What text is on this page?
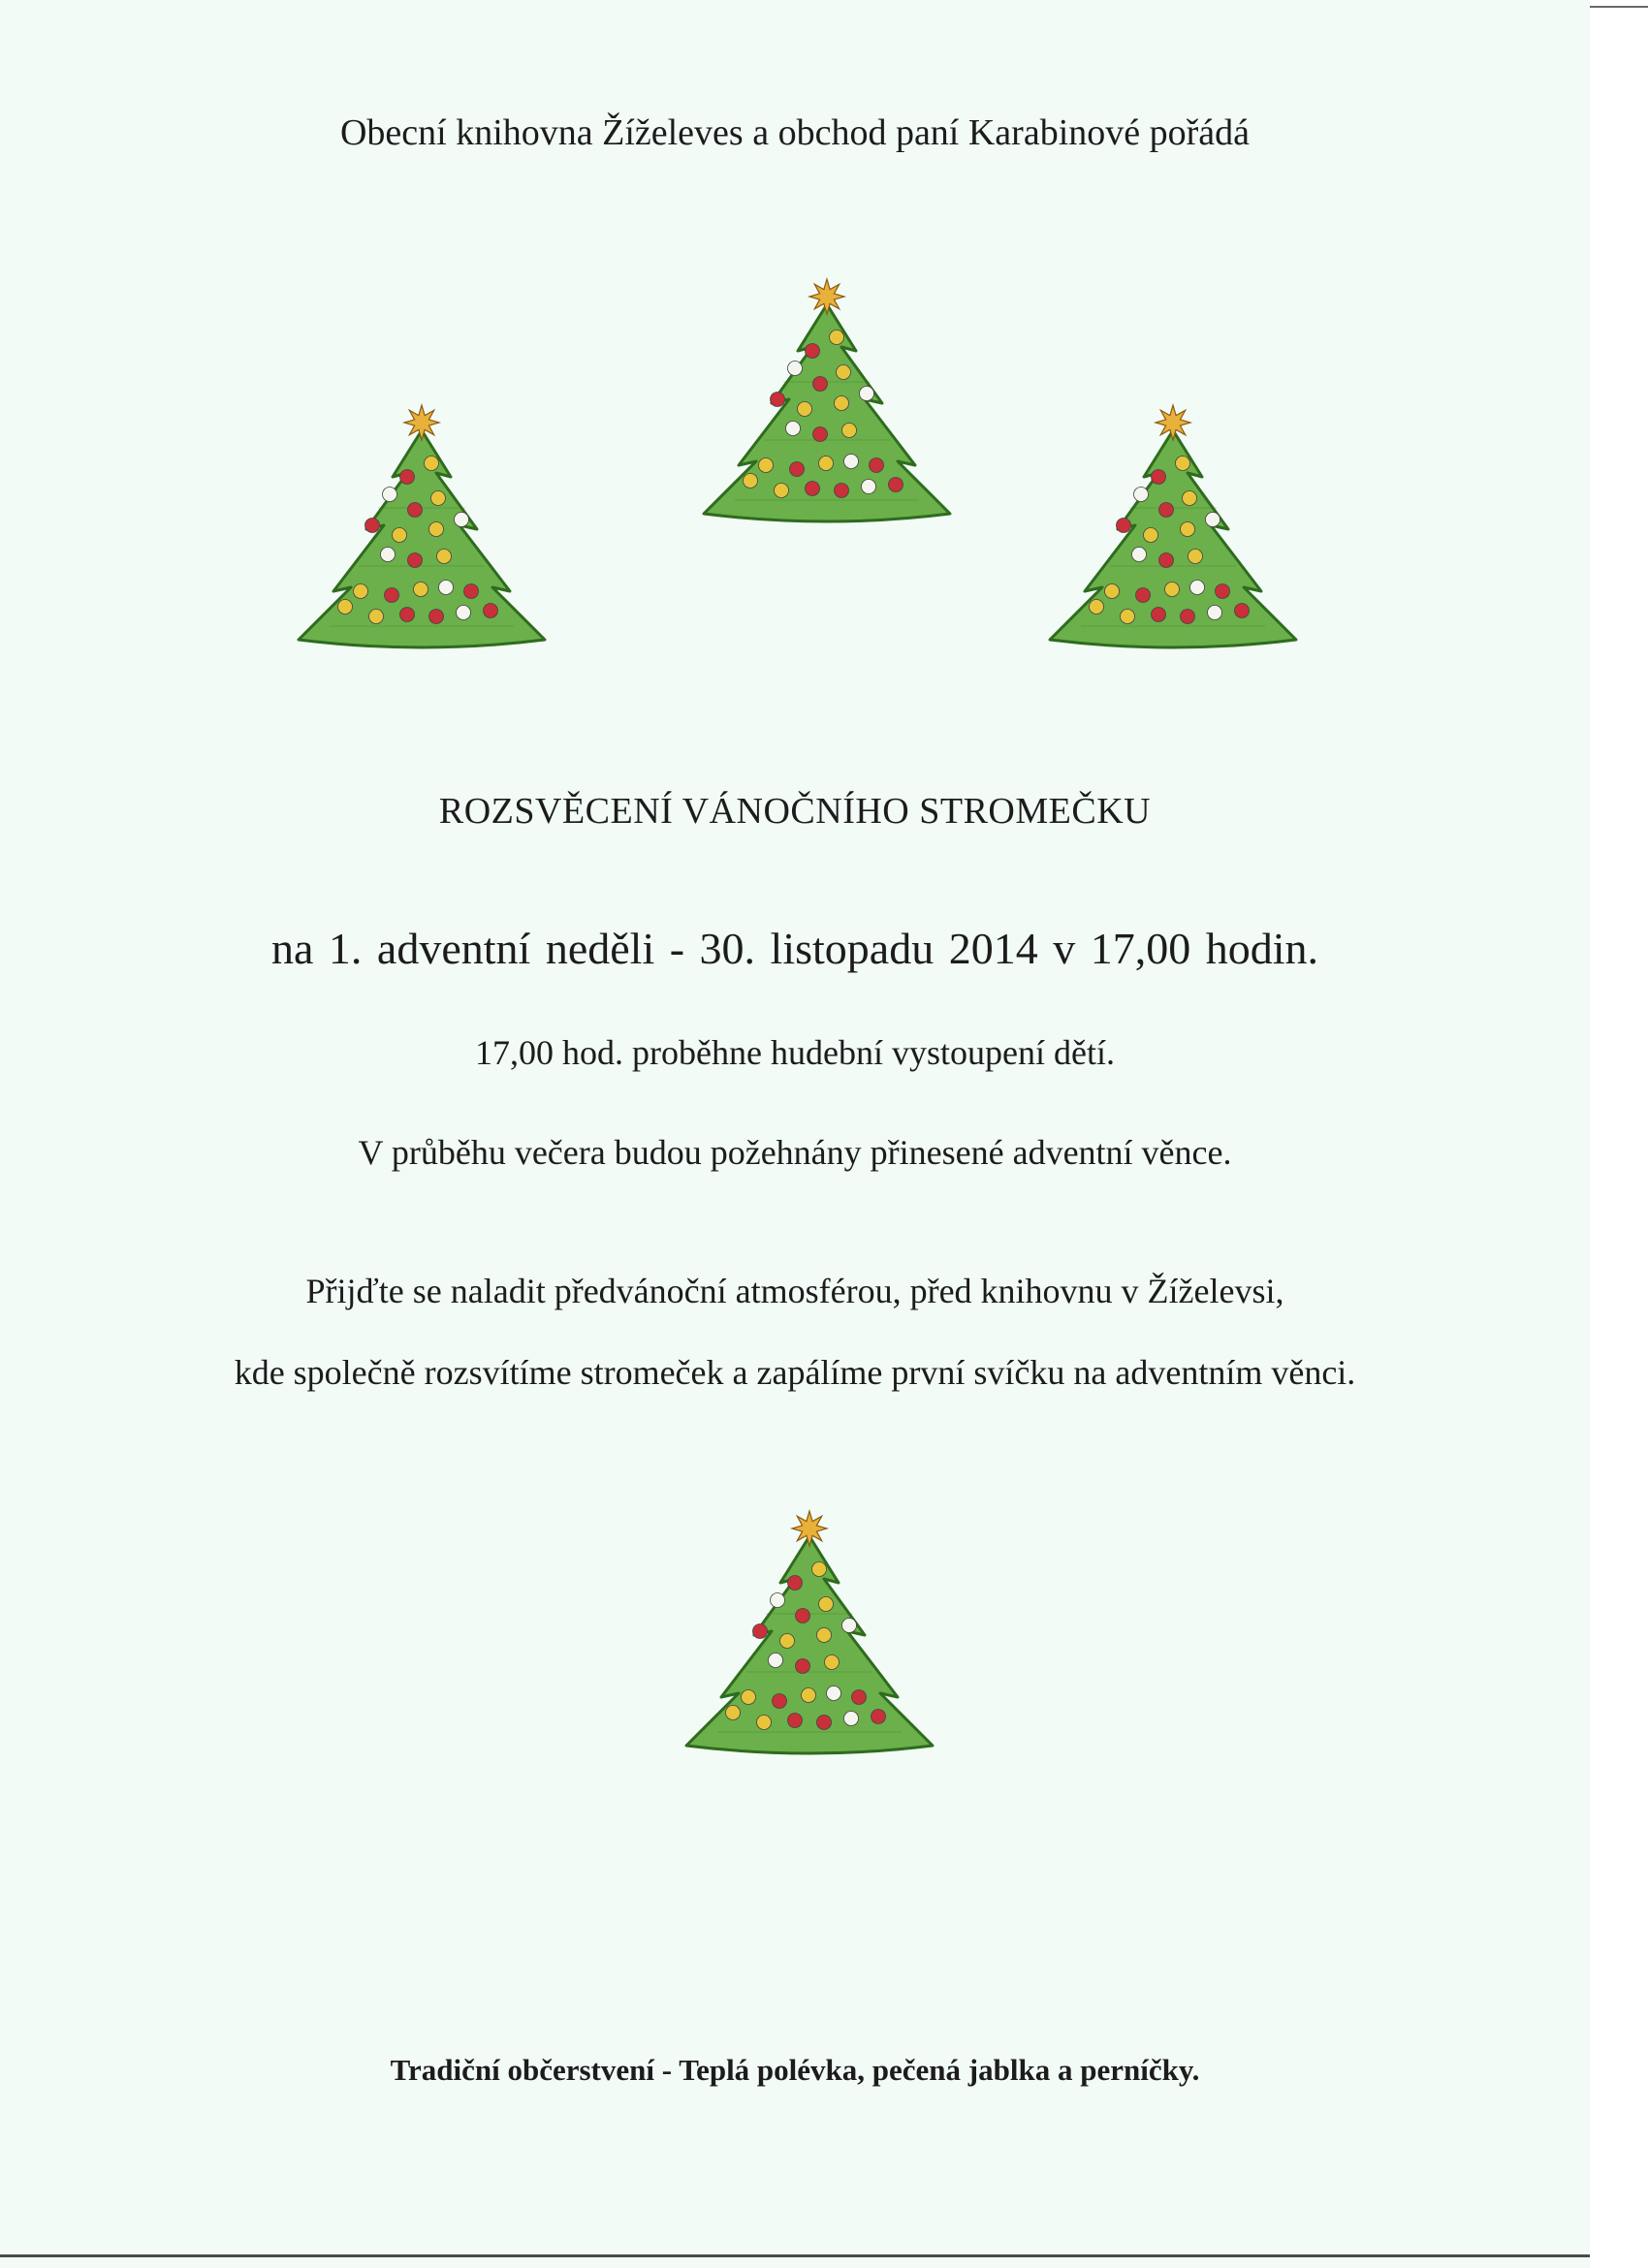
Obecní knihovna Žíželeves a obchod paní Karabinové pořádá
ROZSVĚCENÍ VÁNOČNÍHO STROMEČKU
na 1. adventní neděli - 30. listopadu 2014 v 17,00 hodin.
17,00 hod. proběhne hudební vystoupení dětí.
V průběhu večera budou požehnány přinesené adventní věnce.
Přijďte se naladit předvánoční atmosférou, před knihovnu v Žíželevsi,
kde společně rozsvítíme stromeček a zapálíme první svíčku na adventním věnci.
Tradiční občerstvení - Teplá polévka, pečená jablka a perníčky.
